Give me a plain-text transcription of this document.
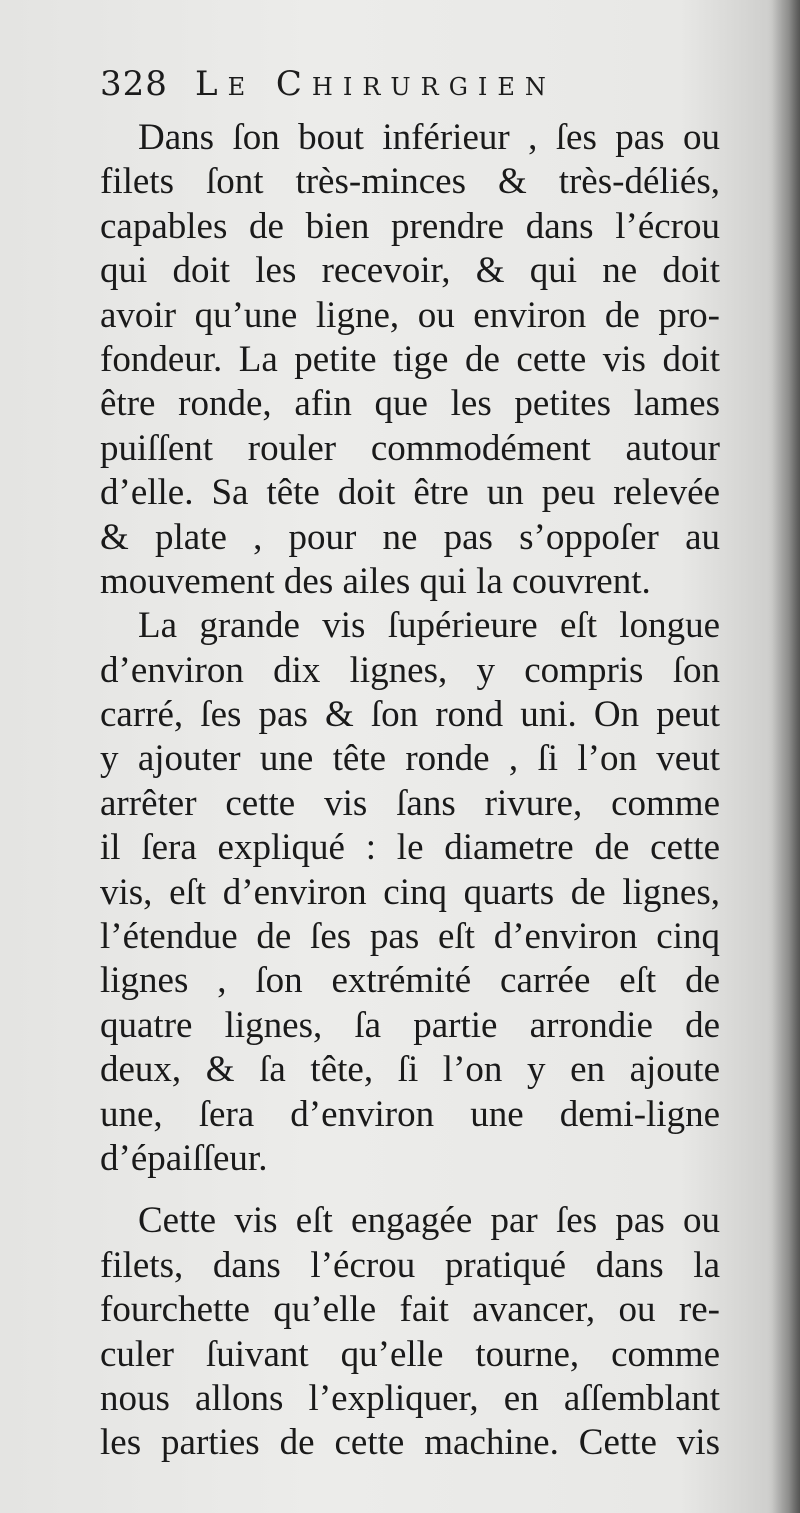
328 Le Chirurgien
Dans ſon bout inférieur , ſes pas ou
filets ſont très-minces & très-déliés,
capables de bien prendre dans l’écrou
qui doit les recevoir, & qui ne doit
avoir qu’une ligne, ou environ de pro-
fondeur. La petite tige de cette vis doit
être ronde, afin que les petites lames
puiſſent rouler commodément autour
d’elle. Sa tête doit être un peu relevée
& plate , pour ne pas s’oppoſer au
mouvement des ailes qui la couvrent.
La grande vis ſupérieure eſt longue
d’environ dix lignes, y compris ſon
carré, ſes pas & ſon rond uni. On peut
y ajouter une tête ronde , ſi l’on veut
arrêter cette vis ſans rivure, comme
il ſera expliqué : le diametre de cette
vis, eſt d’environ cinq quarts de lignes,
l’étendue de ſes pas eſt d’environ cinq
lignes , ſon extrémité carrée eſt de
quatre lignes, ſa partie arrondie de
deux, & ſa tête, ſi l’on y en ajoute
une, ſera d’environ une demi-ligne
d’épaiſſeur.
Cette vis eſt engagée par ſes pas ou
filets, dans l’écrou pratiqué dans la
fourchette qu’elle fait avancer, ou re-
culer ſuivant qu’elle tourne, comme
nous allons l’expliquer, en aſſemblant
les parties de cette machine. Cette vis
